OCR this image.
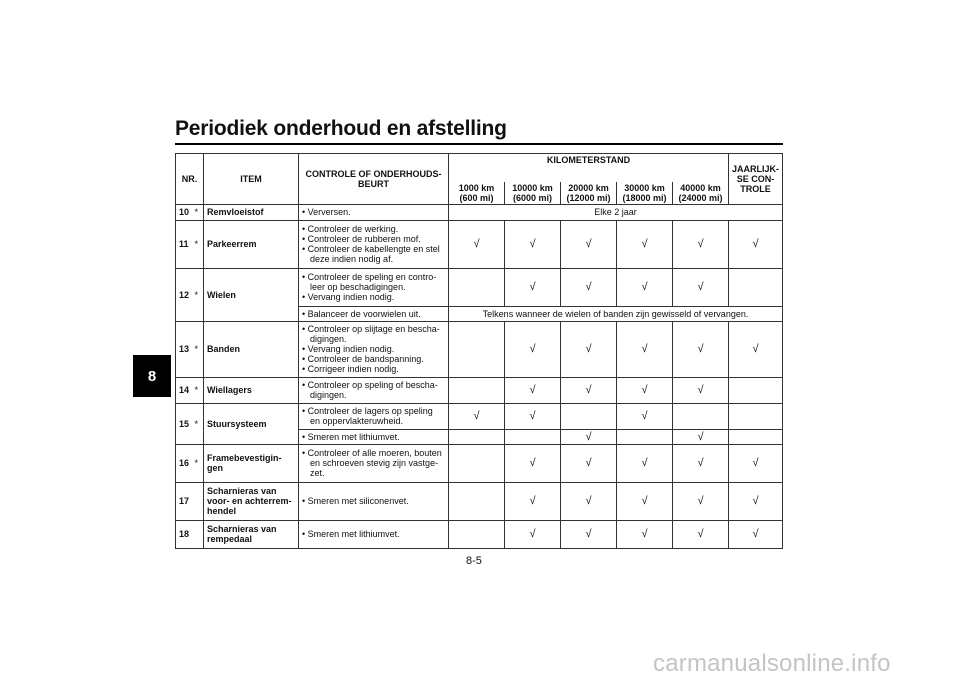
Periodiek onderhoud en afstelling
8
NR.		ITEM	CONTROLE OF ONDERHOUDS-BEURT	KILOMETERSTAND					JAARLIJK-SE CON-TROLE
				1000 km (600 mi)	10000 km (6000 mi)	20000 km (12000 mi)	30000 km (18000 mi)	40000 km (24000 mi)	
10	*	Remvloeistof	• Verversen.	Elke 2 jaar					
11	*	Parkeerrem	• Controleer de werking.
• Controleer de rubberen mof.
• Controleer de kabellengte en stel deze indien nodig af.	√	√	√	√	√	√
12	*	Wielen	• Controleer de speling en contro-leer op beschadigingen.
• Vervang indien nodig.		√	√	√	√	

			• Balanceer de voorwielen uit.	Telkens wanneer de wielen of banden zijn gewisseld of vervangen.					
13	*	Banden	• Controleer op slijtage en bescha-digingen.
• Vervang indien nodig.
• Controleer de bandspanning.
• Corrigeer indien nodig.		√	√	√	√	√
14	*	Wiellagers	• Controleer op speling of bescha-digingen.		√	√	√	√	
15	*	Stuursysteem	• Controleer de lagers op speling en oppervlakteruwheid.	√	√		√		

			• Smeren met lithiumvet.			√		√	
16	*	Framebevestigin-gen	• Controleer of alle moeren, bouten en schroeven stevig zijn vastge-zet.		√	√	√	√	√
17		Scharnieras van voor- en achterrem-hendel	• Smeren met siliconenvet.		√	√	√	√	√
18		Scharnieras van rempedaal	• Smeren met lithiumvet.		√	√	√	√	√
8-5
carmanualsonline.info
